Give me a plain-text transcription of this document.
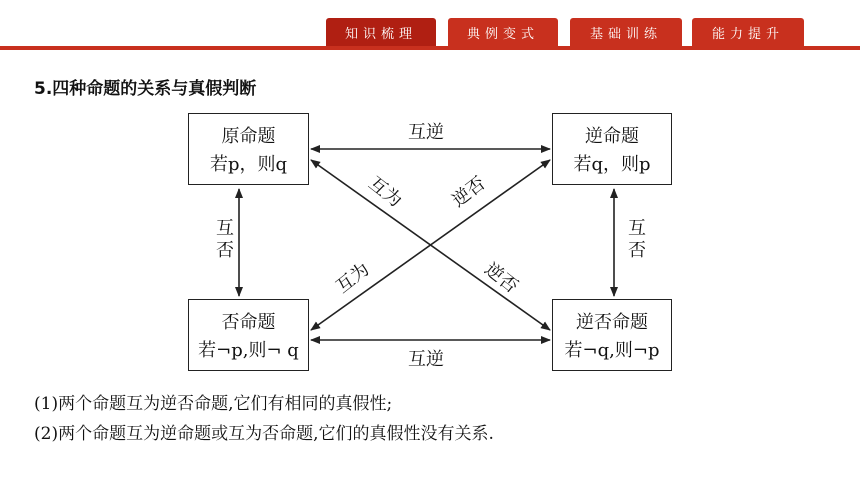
知识梳理	典例变式	基础训练	能力提升
5.四种命题的关系与真假判断
原命题
若p，则q
逆命题
若q，则p
否命题
若¬p,则¬ q
逆否命题
若¬q,则¬p
互逆
互逆
互
否
互
否
互为 逆否
互为	逆否
(1)两个命题互为逆否命题,它们有相同的真假性;
(2)两个命题互为逆命题或互为否命题,它们的真假性没有关系.
